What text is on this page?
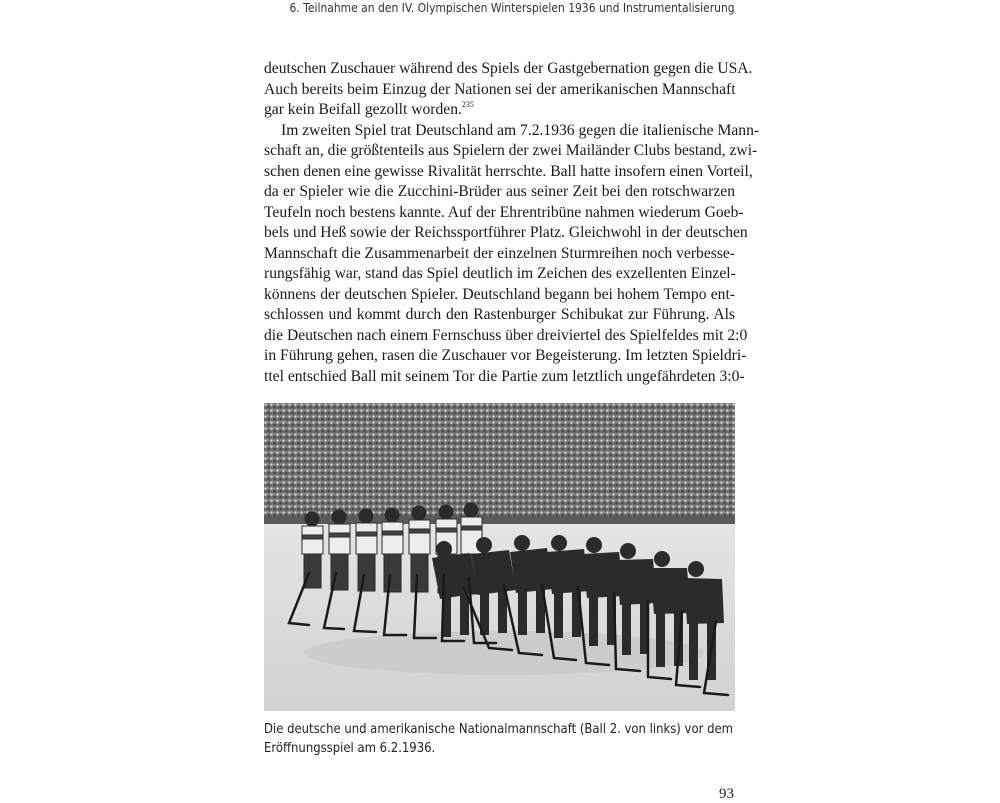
6. Teilnahme an den IV. Olympischen Winterspielen 1936 und Instrumentalisierung
deutschen Zuschauer während des Spiels der Gastgebernation gegen die USA.
Auch bereits beim Einzug der Nationen sei der amerikanischen Mannschaft
gar kein Beifall gezollt worden.$^{235}$
Im zweiten Spiel trat Deutschland am 7.2.1936 gegen die italienische Mann-
schaft an, die größtenteils aus Spielern der zwei Mailänder Clubs bestand, zwi-
schen denen eine gewisse Rivalität herrschte. Ball hatte insofern einen Vorteil,
da er Spieler wie die Zucchini-Brüder aus seiner Zeit bei den rotschwarzen
Teufeln noch bestens kannte. Auf der Ehrentribüne nahmen wiederum Goeb-
bels und Heß sowie der Reichssportführer Platz. Gleichwohl in der deutschen
Mannschaft die Zusammenarbeit der einzelnen Sturmreihen noch verbesse-
rungsfähig war, stand das Spiel deutlich im Zeichen des exzellenten Einzel-
könnens der deutschen Spieler. Deutschland begann bei hohem Tempo ent-
schlossen und kommt durch den Rastenburger Schibukat zur Führung. Als
die Deutschen nach einem Fernschuss über dreiviertel des Spielfeldes mit 2:0
in Führung gehen, rasen die Zuschauer vor Begeisterung. Im letzten Spieldri-
ttel entschied Ball mit seinem Tor die Partie zum letztlich ungefährdeten 3:0-
Die deutsche und amerikanische Nationalmannschaft (Ball 2. von links) vor dem Eröffnungsspiel am 6.2.1936.
93
